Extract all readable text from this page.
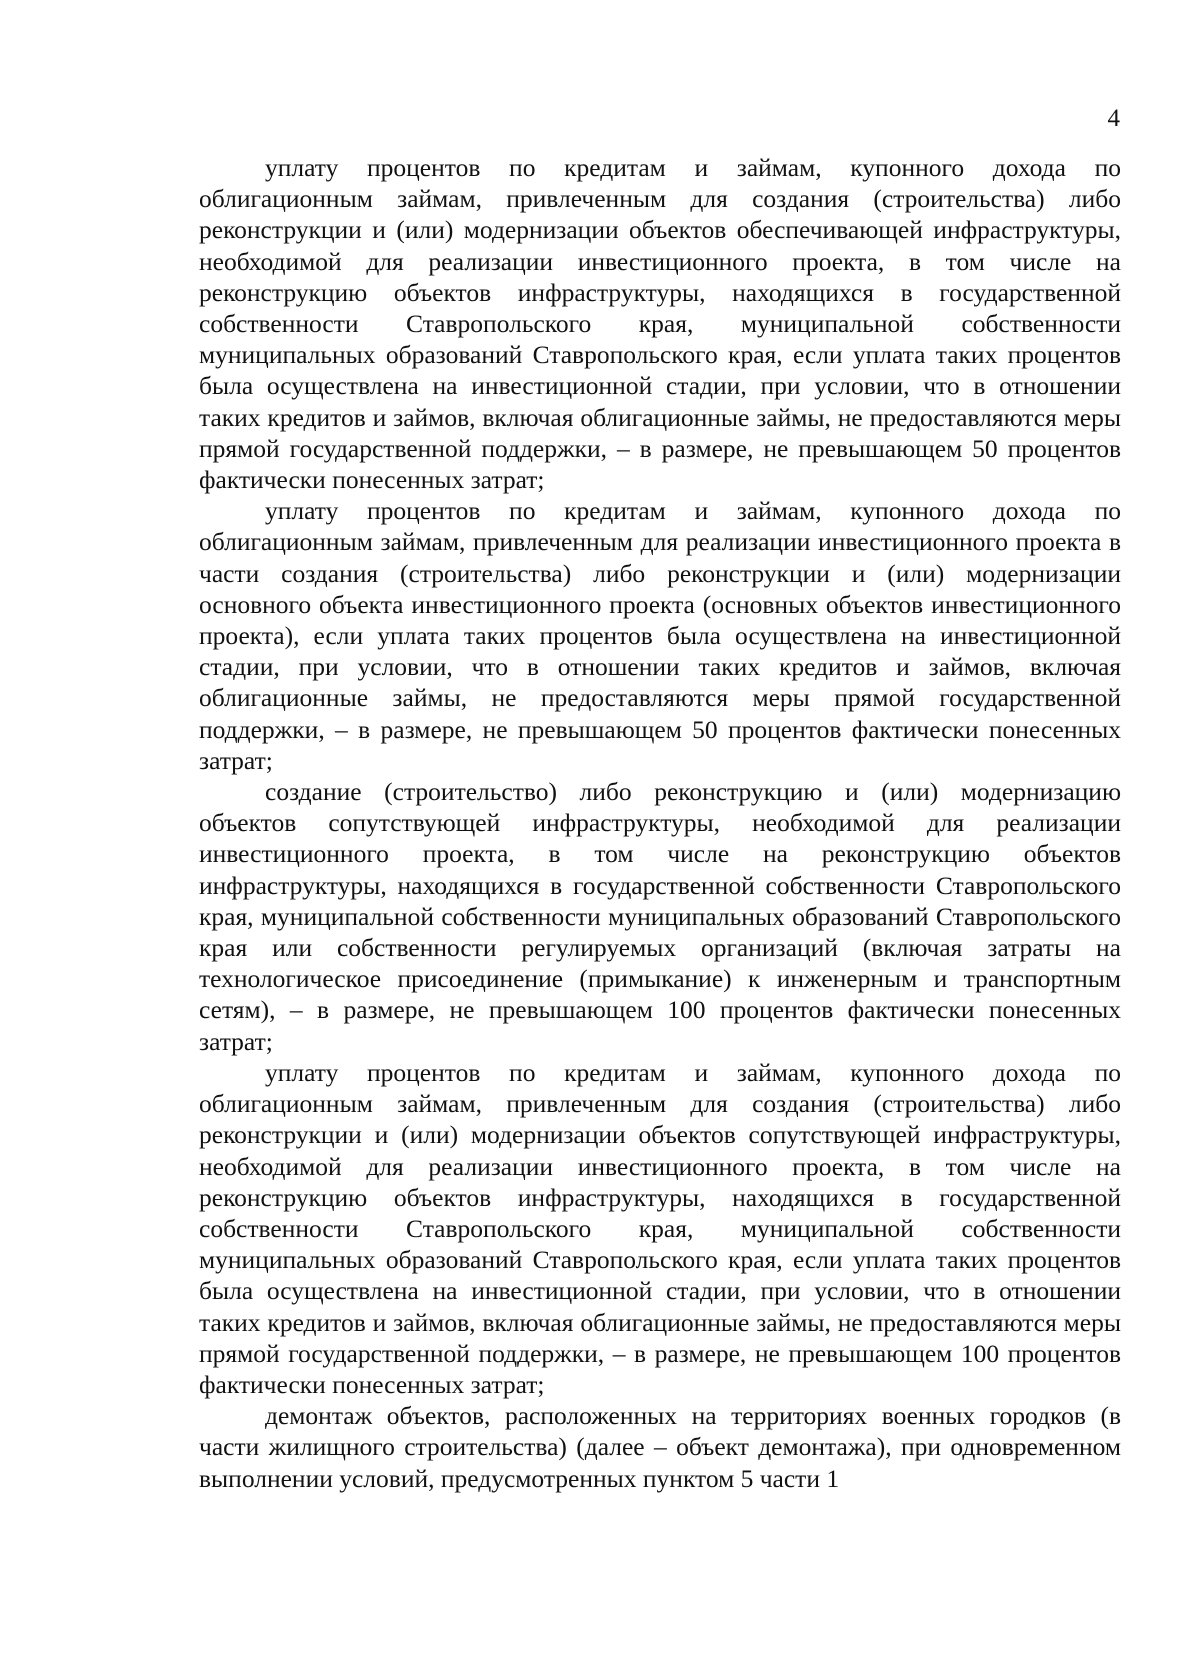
4

уплату процентов по кредитам и займам, купонного дохода по облигационным займам, привлеченным для создания (строительства) либо реконструкции и (или) модернизации объектов обеспечивающей инфраструктуры, необходимой для реализации инвестиционного проекта, в том числе на реконструкцию объектов инфраструктуры, находящихся в государственной собственности Ставропольского края, муниципальной собственности муниципальных образований Ставропольского края, если уплата таких процентов была осуществлена на инвестиционной стадии, при условии, что в отношении таких кредитов и займов, включая облигационные займы, не предоставляются меры прямой государственной поддержки, – в размере, не превышающем 50 процентов фактически понесенных затрат;

уплату процентов по кредитам и займам, купонного дохода по облигационным займам, привлеченным для реализации инвестиционного проекта в части создания (строительства) либо реконструкции и (или) модернизации основного объекта инвестиционного проекта (основных объектов инвестиционного проекта), если уплата таких процентов была осуществлена на инвестиционной стадии, при условии, что в отношении таких кредитов и займов, включая облигационные займы, не предоставляются меры прямой государственной поддержки, – в размере, не превышающем 50 процентов фактически понесенных затрат;

создание (строительство) либо реконструкцию и (или) модернизацию объектов сопутствующей инфраструктуры, необходимой для реализации инвестиционного проекта, в том числе на реконструкцию объектов инфраструктуры, находящихся в государственной собственности Ставропольского края, муниципальной собственности муниципальных образований Ставропольского края или собственности регулируемых организаций (включая затраты на технологическое присоединение (примыкание) к инженерным и транспортным сетям), – в размере, не превышающем 100 процентов фактически понесенных затрат;

уплату процентов по кредитам и займам, купонного дохода по облигационным займам, привлеченным для создания (строительства) либо реконструкции и (или) модернизации объектов сопутствующей инфраструктуры, необходимой для реализации инвестиционного проекта, в том числе на реконструкцию объектов инфраструктуры, находящихся в государственной собственности Ставропольского края, муниципальной собственности муниципальных образований Ставропольского края, если уплата таких процентов была осуществлена на инвестиционной стадии, при условии, что в отношении таких кредитов и займов, включая облигационные займы, не предоставляются меры прямой государственной поддержки, – в размере, не превышающем 100 процентов фактически понесенных затрат;

демонтаж объектов, расположенных на территориях военных городков (в части жилищного строительства) (далее – объект демонтажа), при одновременном выполнении условий, предусмотренных пунктом 5 части 1
